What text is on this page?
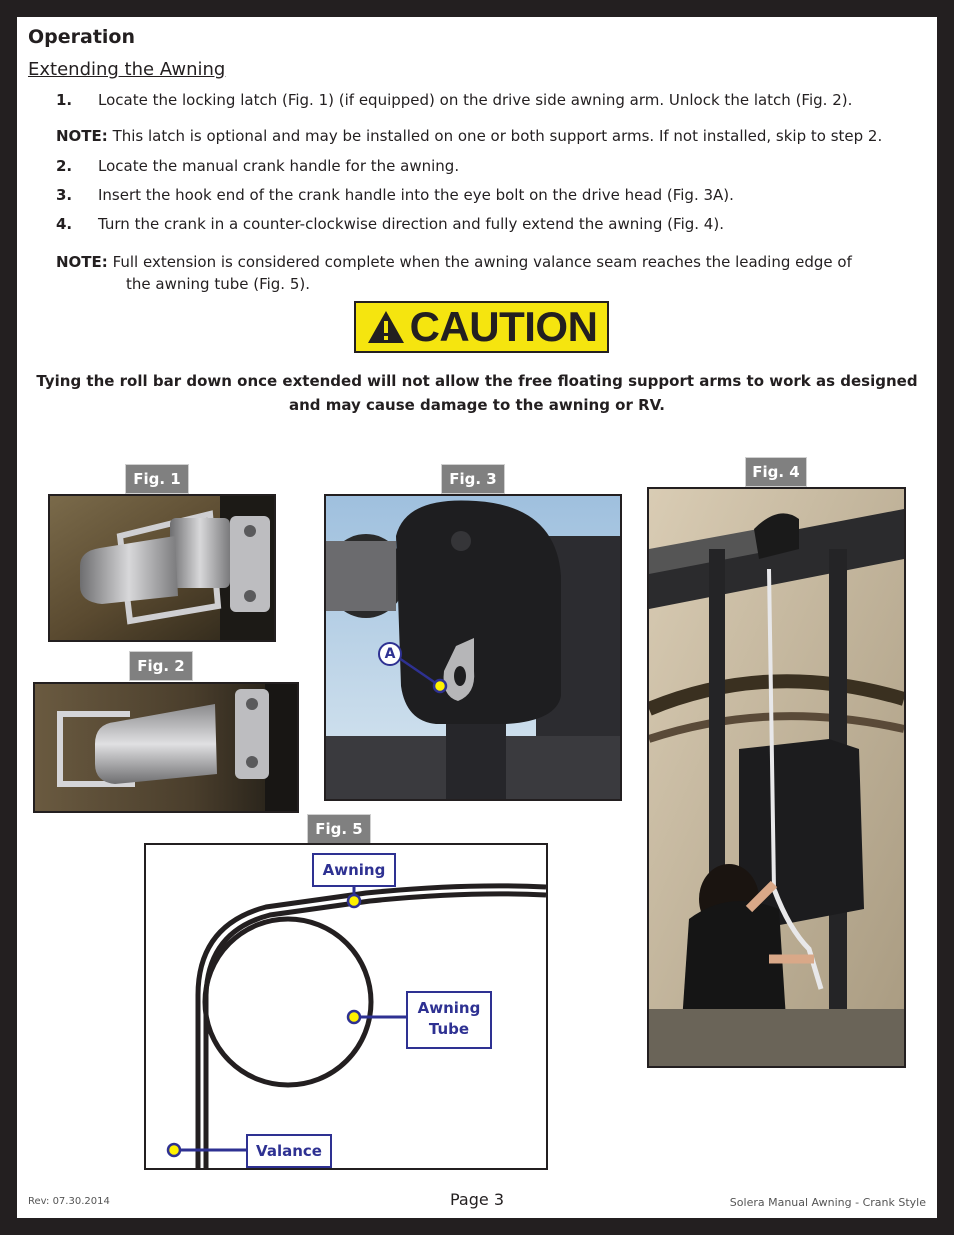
Operation
Extending the Awning
1. Locate the locking latch (Fig. 1) (if equipped) on the drive side awning arm. Unlock the latch (Fig. 2).
NOTE: This latch is optional and may be installed on one or both support arms. If not installed, skip to step 2.
2. Locate the manual crank handle for the awning.
3. Insert the hook end of the crank handle into the eye bolt on the drive head (Fig. 3A).
4. Turn the crank in a counter-clockwise direction and fully extend the awning (Fig. 4).
NOTE: Full extension is considered complete when the awning valance seam reaches the leading edge of
the awning tube (Fig. 5).
CAUTION
Tying the roll bar down once extended will not allow the free floating support arms to work as designed
and may cause damage to the awning or RV.
Fig. 1
Fig. 2
Fig. 3
A
Fig. 4
Fig. 5
Awning
Awning
Tube
Valance
Rev: 07.30.2014	Page 3	Solera Manual Awning - Crank Style
